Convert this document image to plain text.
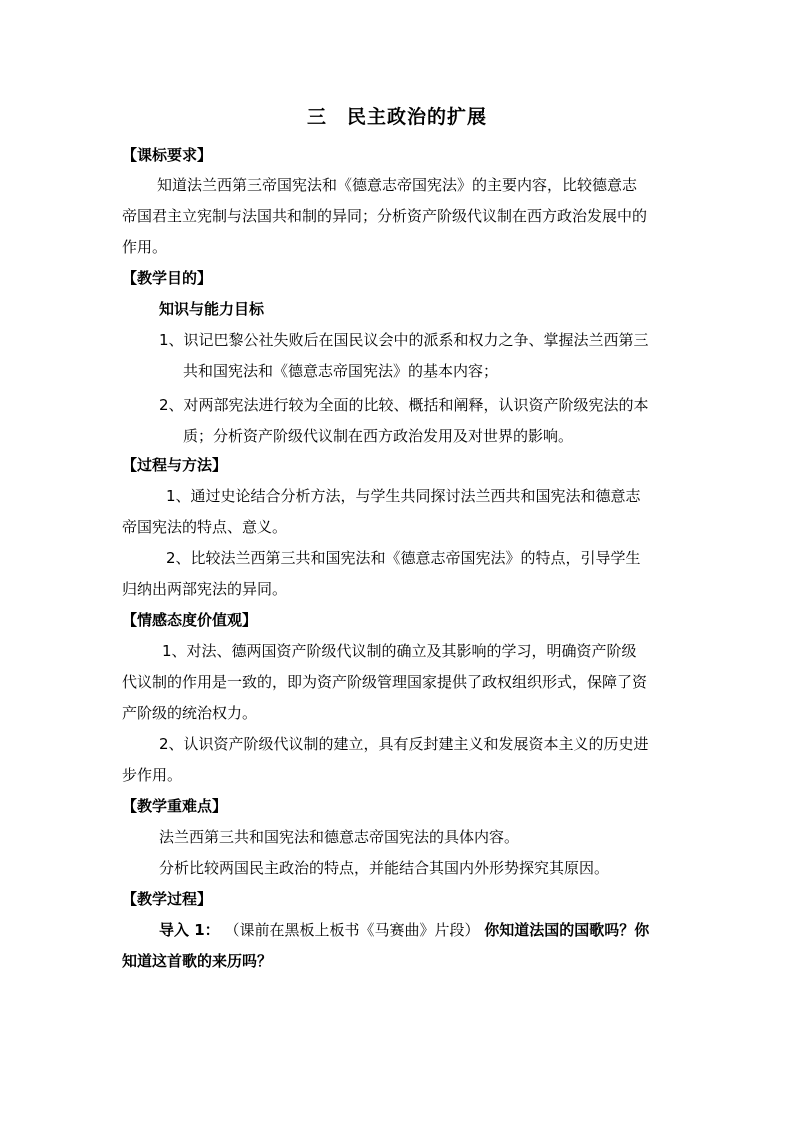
三　民主政治的扩展
【课标要求】
知道法兰西第三帝国宪法和《德意志帝国宪法》的主要内容，比较德意志
帝国君主立宪制与法国共和制的异同；分析资产阶级代议制在西方政治发展中的
作用。
【教学目的】
知识与能力目标
1、识记巴黎公社失败后在国民议会中的派系和权力之争、掌握法兰西第三
共和国宪法和《德意志帝国宪法》的基本内容；
2、对两部宪法进行较为全面的比较、概括和阐释，认识资产阶级宪法的本
质；分析资产阶级代议制在西方政治发用及对世界的影响。
【过程与方法】
1、通过史论结合分析方法，与学生共同探讨法兰西共和国宪法和德意志
帝国宪法的特点、意义。
2、比较法兰西第三共和国宪法和《德意志帝国宪法》的特点，引导学生
归纳出两部宪法的异同。
【情感态度价值观】
1、对法、德两国资产阶级代议制的确立及其影响的学习，明确资产阶级
代议制的作用是一致的，即为资产阶级管理国家提供了政权组织形式，保障了资
产阶级的统治权力。
2、认识资产阶级代议制的建立，具有反封建主义和发展资本主义的历史进
步作用。
【教学重难点】
法兰西第三共和国宪法和德意志帝国宪法的具体内容。
分析比较两国民主政治的特点，并能结合其国内外形势探究其原因。
【教学过程】
导入 1： （课前在黑板上板书《马赛曲》片段） 你知道法国的国歌吗？你
知道这首歌的来历吗？
